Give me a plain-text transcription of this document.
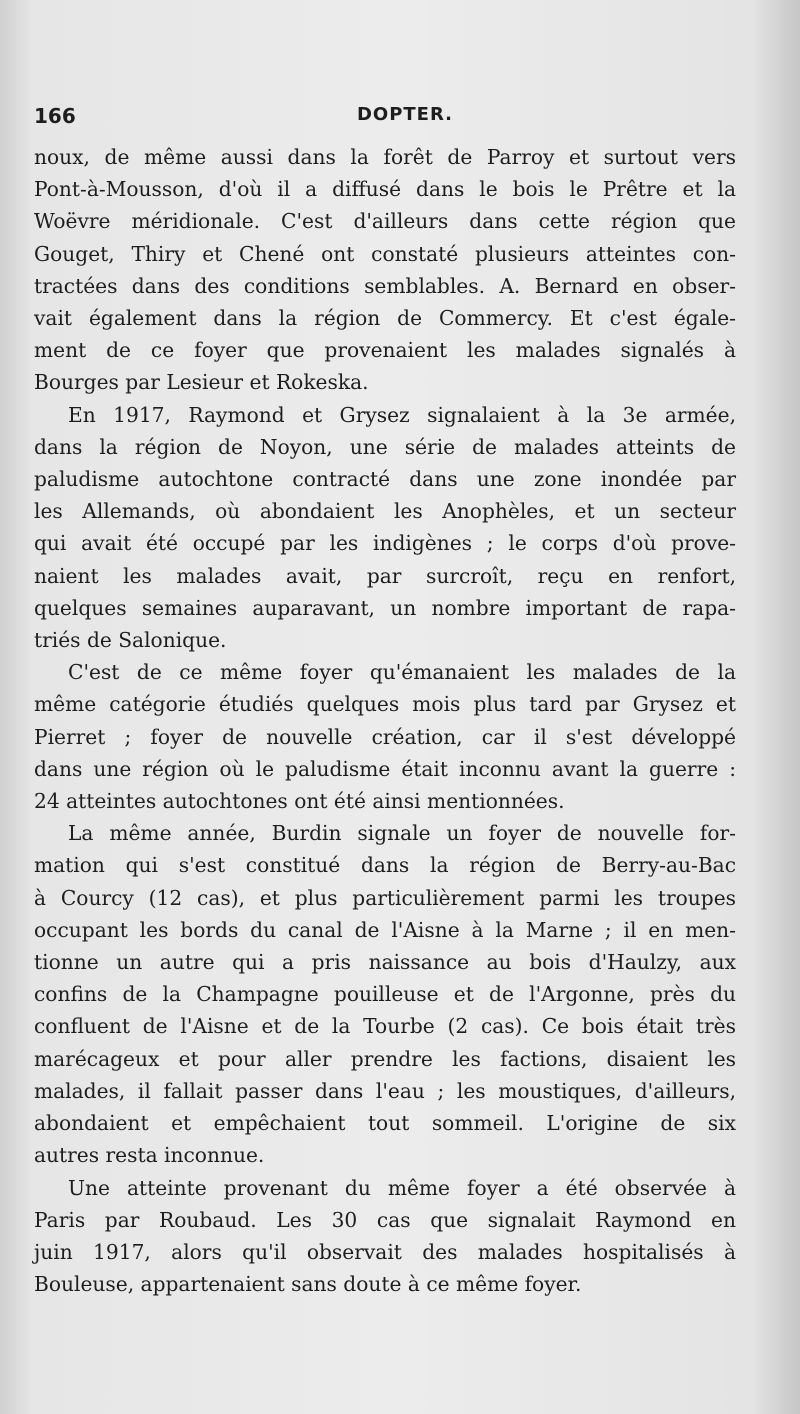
166	DOPTER.

noux, de même aussi dans la forêt de Parroy et surtout vers
Pont-à-Mousson, d'où il a diffusé dans le bois le Prêtre et la
Woëvre méridionale. C'est d'ailleurs dans cette région que
Gouget, Thiry et Chené ont constaté plusieurs atteintes con-
tractées dans des conditions semblables. A. Bernard en obser-
vait également dans la région de Commercy. Et c'est égale-
ment de ce foyer que provenaient les malades signalés à
Bourges par Lesieur et Rokeska.

En 1917, Raymond et Grysez signalaient à la 3e armée,
dans la région de Noyon, une série de malades atteints de
paludisme autochtone contracté dans une zone inondée par
les Allemands, où abondaient les Anophèles, et un secteur
qui avait été occupé par les indigènes ; le corps d'où prove-
naient les malades avait, par surcroît, reçu en renfort,
quelques semaines auparavant, un nombre important de rapa-
triés de Salonique.

C'est de ce même foyer qu'émanaient les malades de la
même catégorie étudiés quelques mois plus tard par Grysez et
Pierret ; foyer de nouvelle création, car il s'est développé
dans une région où le paludisme était inconnu avant la guerre :
24 atteintes autochtones ont été ainsi mentionnées.

La même année, Burdin signale un foyer de nouvelle for-
mation qui s'est constitué dans la région de Berry-au-Bac
à Courcy (12 cas), et plus particulièrement parmi les troupes
occupant les bords du canal de l'Aisne à la Marne ; il en men-
tionne un autre qui a pris naissance au bois d'Haulzy, aux
confins de la Champagne pouilleuse et de l'Argonne, près du
confluent de l'Aisne et de la Tourbe (2 cas). Ce bois était très
marécageux et pour aller prendre les factions, disaient les
malades, il fallait passer dans l'eau ; les moustiques, d'ailleurs,
abondaient et empêchaient tout sommeil. L'origine de six
autres resta inconnue.

Une atteinte provenant du même foyer a été observée à
Paris par Roubaud. Les 30 cas que signalait Raymond en
juin 1917, alors qu'il observait des malades hospitalisés à
Bouleuse, appartenaient sans doute à ce même foyer.
